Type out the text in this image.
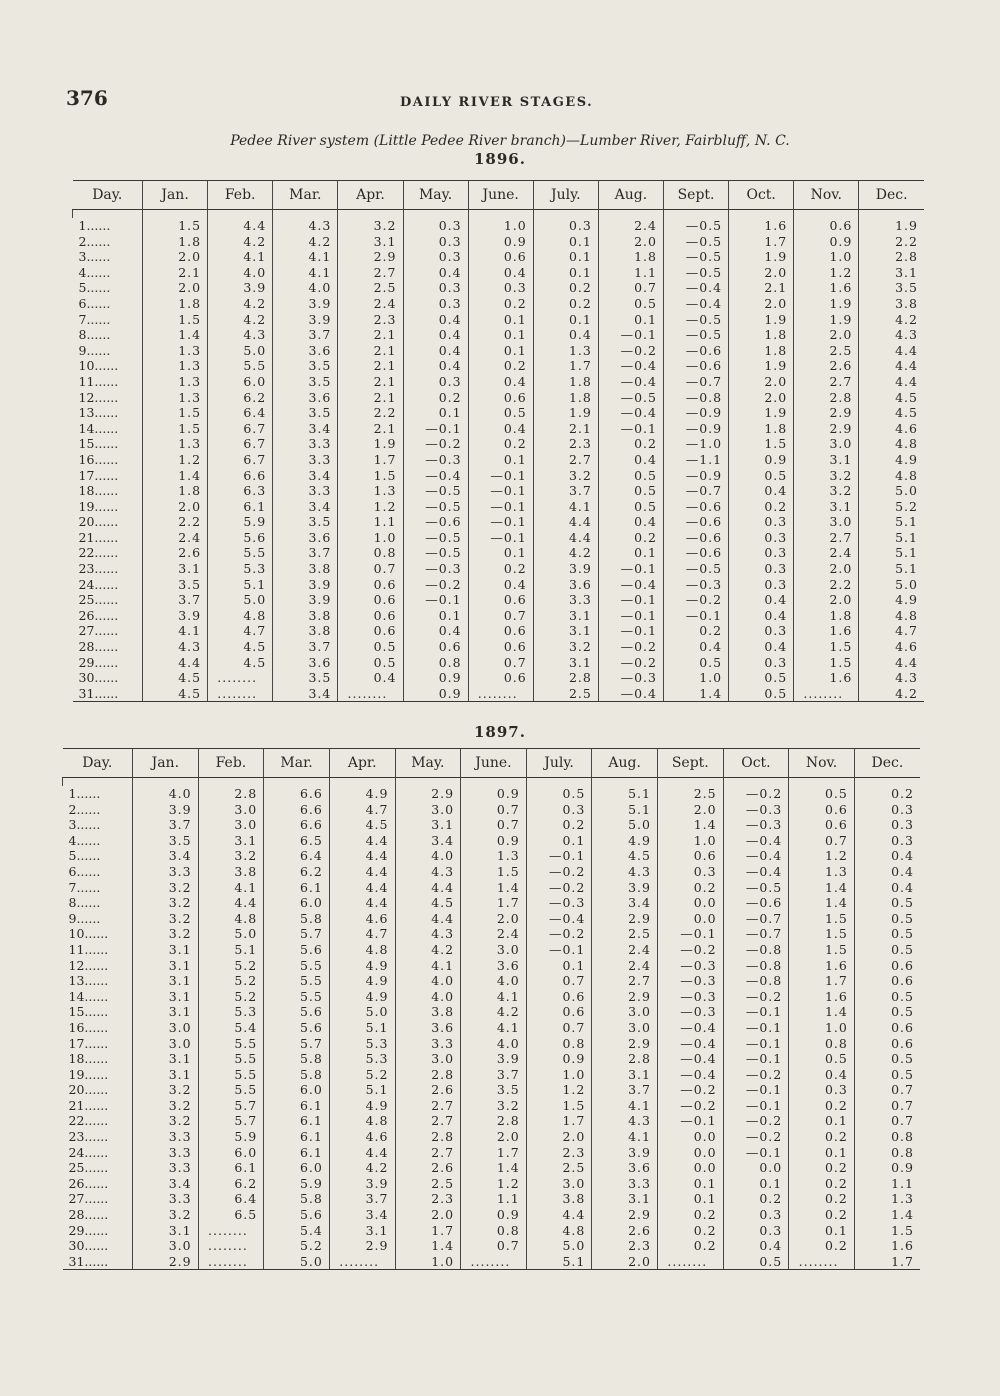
376	DAILY RIVER STAGES.
Pedee River system (Little Pedee River branch)—Lumber River, Fairbluff, N. C.
1896.
Day.	Jan.	Feb.	Mar.	Apr.	May.	June.	July.	Aug.	Sept.	Oct.	Nov.	Dec.

1......	1.5	4.4	4.3	3.2	0.3	1.0	0.3	2.4	—0.5	1.6	0.6	1.9
2......	1.8	4.2	4.2	3.1	0.3	0.9	0.1	2.0	—0.5	1.7	0.9	2.2
3......	2.0	4.1	4.1	2.9	0.3	0.6	0.1	1.8	—0.5	1.9	1.0	2.8
4......	2.1	4.0	4.1	2.7	0.4	0.4	0.1	1.1	—0.5	2.0	1.2	3.1
5......	2.0	3.9	4.0	2.5	0.3	0.3	0.2	0.7	—0.4	2.1	1.6	3.5
6......	1.8	4.2	3.9	2.4	0.3	0.2	0.2	0.5	—0.4	2.0	1.9	3.8
7......	1.5	4.2	3.9	2.3	0.4	0.1	0.1	0.1	—0.5	1.9	1.9	4.2
8......	1.4	4.3	3.7	2.1	0.4	0.1	0.4	—0.1	—0.5	1.8	2.0	4.3
9......	1.3	5.0	3.6	2.1	0.4	0.1	1.3	—0.2	—0.6	1.8	2.5	4.4
10......	1.3	5.5	3.5	2.1	0.4	0.2	1.7	—0.4	—0.6	1.9	2.6	4.4
11......	1.3	6.0	3.5	2.1	0.3	0.4	1.8	—0.4	—0.7	2.0	2.7	4.4
12......	1.3	6.2	3.6	2.1	0.2	0.6	1.8	—0.5	—0.8	2.0	2.8	4.5
13......	1.5	6.4	3.5	2.2	0.1	0.5	1.9	—0.4	—0.9	1.9	2.9	4.5
14......	1.5	6.7	3.4	2.1	—0.1	0.4	2.1	—0.1	—0.9	1.8	2.9	4.6
15......	1.3	6.7	3.3	1.9	—0.2	0.2	2.3	0.2	—1.0	1.5	3.0	4.8
16......	1.2	6.7	3.3	1.7	—0.3	0.1	2.7	0.4	—1.1	0.9	3.1	4.9
17......	1.4	6.6	3.4	1.5	—0.4	—0.1	3.2	0.5	—0.9	0.5	3.2	4.8
18......	1.8	6.3	3.3	1.3	—0.5	—0.1	3.7	0.5	—0.7	0.4	3.2	5.0
19......	2.0	6.1	3.4	1.2	—0.5	—0.1	4.1	0.5	—0.6	0.2	3.1	5.2
20......	2.2	5.9	3.5	1.1	—0.6	—0.1	4.4	0.4	—0.6	0.3	3.0	5.1
21......	2.4	5.6	3.6	1.0	—0.5	—0.1	4.4	0.2	—0.6	0.3	2.7	5.1
22......	2.6	5.5	3.7	0.8	—0.5	0.1	4.2	0.1	—0.6	0.3	2.4	5.1
23......	3.1	5.3	3.8	0.7	—0.3	0.2	3.9	—0.1	—0.5	0.3	2.0	5.1
24......	3.5	5.1	3.9	0.6	—0.2	0.4	3.6	—0.4	—0.3	0.3	2.2	5.0
25......	3.7	5.0	3.9	0.6	—0.1	0.6	3.3	—0.1	—0.2	0.4	2.0	4.9
26......	3.9	4.8	3.8	0.6	0.1	0.7	3.1	—0.1	—0.1	0.4	1.8	4.8
27......	4.1	4.7	3.8	0.6	0.4	0.6	3.1	—0.1	0.2	0.3	1.6	4.7
28......	4.3	4.5	3.7	0.5	0.6	0.6	3.2	—0.2	0.4	0.4	1.5	4.6
29......	4.4	4.5	3.6	0.5	0.8	0.7	3.1	—0.2	0.5	0.3	1.5	4.4
30......	4.5	........	3.5	0.4	0.9	0.6	2.8	—0.3	1.0	0.5	1.6	4.3
31......	4.5	........	3.4	........	0.9	........	2.5	—0.4	1.4	0.5	........	4.2
1897.
Day.	Jan.	Feb.	Mar.	Apr.	May.	June.	July.	Aug.	Sept.	Oct.	Nov.	Dec.

1......	4.0	2.8	6.6	4.9	2.9	0.9	0.5	5.1	2.5	—0.2	0.5	0.2
2......	3.9	3.0	6.6	4.7	3.0	0.7	0.3	5.1	2.0	—0.3	0.6	0.3
3......	3.7	3.0	6.6	4.5	3.1	0.7	0.2	5.0	1.4	—0.3	0.6	0.3
4......	3.5	3.1	6.5	4.4	3.4	0.9	0.1	4.9	1.0	—0.4	0.7	0.3
5......	3.4	3.2	6.4	4.4	4.0	1.3	—0.1	4.5	0.6	—0.4	1.2	0.4
6......	3.3	3.8	6.2	4.4	4.3	1.5	—0.2	4.3	0.3	—0.4	1.3	0.4
7......	3.2	4.1	6.1	4.4	4.4	1.4	—0.2	3.9	0.2	—0.5	1.4	0.4
8......	3.2	4.4	6.0	4.4	4.5	1.7	—0.3	3.4	0.0	—0.6	1.4	0.5
9......	3.2	4.8	5.8	4.6	4.4	2.0	—0.4	2.9	0.0	—0.7	1.5	0.5
10......	3.2	5.0	5.7	4.7	4.3	2.4	—0.2	2.5	—0.1	—0.7	1.5	0.5
11......	3.1	5.1	5.6	4.8	4.2	3.0	—0.1	2.4	—0.2	—0.8	1.5	0.5
12......	3.1	5.2	5.5	4.9	4.1	3.6	0.1	2.4	—0.3	—0.8	1.6	0.6
13......	3.1	5.2	5.5	4.9	4.0	4.0	0.7	2.7	—0.3	—0.8	1.7	0.6
14......	3.1	5.2	5.5	4.9	4.0	4.1	0.6	2.9	—0.3	—0.2	1.6	0.5
15......	3.1	5.3	5.6	5.0	3.8	4.2	0.6	3.0	—0.3	—0.1	1.4	0.5
16......	3.0	5.4	5.6	5.1	3.6	4.1	0.7	3.0	—0.4	—0.1	1.0	0.6
17......	3.0	5.5	5.7	5.3	3.3	4.0	0.8	2.9	—0.4	—0.1	0.8	0.6
18......	3.1	5.5	5.8	5.3	3.0	3.9	0.9	2.8	—0.4	—0.1	0.5	0.5
19......	3.1	5.5	5.8	5.2	2.8	3.7	1.0	3.1	—0.4	—0.2	0.4	0.5
20......	3.2	5.5	6.0	5.1	2.6	3.5	1.2	3.7	—0.2	—0.1	0.3	0.7
21......	3.2	5.7	6.1	4.9	2.7	3.2	1.5	4.1	—0.2	—0.1	0.2	0.7
22......	3.2	5.7	6.1	4.8	2.7	2.8	1.7	4.3	—0.1	—0.2	0.1	0.7
23......	3.3	5.9	6.1	4.6	2.8	2.0	2.0	4.1	0.0	—0.2	0.2	0.8
24......	3.3	6.0	6.1	4.4	2.7	1.7	2.3	3.9	0.0	—0.1	0.1	0.8
25......	3.3	6.1	6.0	4.2	2.6	1.4	2.5	3.6	0.0	0.0	0.2	0.9
26......	3.4	6.2	5.9	3.9	2.5	1.2	3.0	3.3	0.1	0.1	0.2	1.1
27......	3.3	6.4	5.8	3.7	2.3	1.1	3.8	3.1	0.1	0.2	0.2	1.3
28......	3.2	6.5	5.6	3.4	2.0	0.9	4.4	2.9	0.2	0.3	0.2	1.4
29......	3.1	........	5.4	3.1	1.7	0.8	4.8	2.6	0.2	0.3	0.1	1.5
30......	3.0	........	5.2	2.9	1.4	0.7	5.0	2.3	0.2	0.4	0.2	1.6
31......	2.9	........	5.0	........	1.0	........	5.1	2.0	........	0.5	........	1.7
